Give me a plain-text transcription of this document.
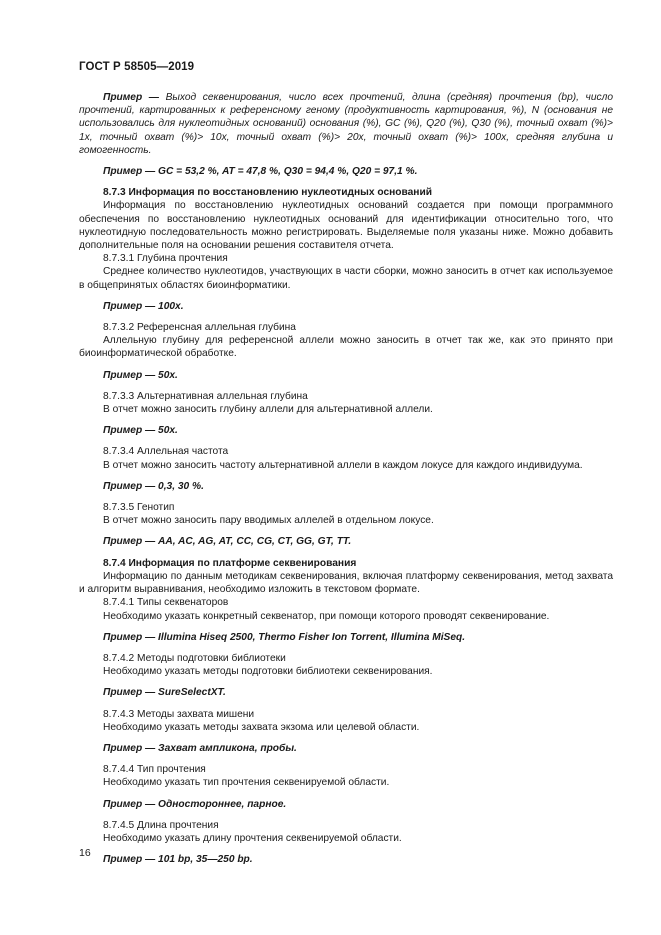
ГОСТ Р 58505—2019

Пример — Выход секвенирования, число всех прочтений, длина (средняя) прочтения (bp), число прочтений, картированных к референсному геному (продуктивность картирования, %), N (основания не использовались для нуклеотидных оснований) основания (%), GC (%), Q20 (%), Q30 (%), точный охват (%)> 1x, точный охват (%)> 10x, точный охват (%)> 20x, точный охват (%)> 100x, средняя глубина и гомогенность.

Пример — GC = 53,2 %, AT = 47,8 %, Q30 = 94,4 %, Q20 = 97,1 %.

8.7.3 Информация по восстановлению нуклеотидных оснований

Информация по восстановлению нуклеотидных оснований создается при помощи программного обеспечения по восстановлению нуклеотидных оснований для идентификации относительно того, что нуклеотидную последовательность можно регистрировать. Выделяемые поля указаны ниже. Можно добавить дополнительные поля на основании решения составителя отчета.

8.7.3.1 Глубина прочтения

Среднее количество нуклеотидов, участвующих в части сборки, можно заносить в отчет как используемое в общепринятых областях биоинформатики.

Пример — 100x.

8.7.3.2 Референсная аллельная глубина

Аллельную глубину для референсной аллели можно заносить в отчет так же, как это принято при биоинформатической обработке.

Пример — 50x.

8.7.3.3 Альтернативная аллельная глубина

В отчет можно заносить глубину аллели для альтернативной аллели.

Пример — 50x.

8.7.3.4 Аллельная частота

В отчет можно заносить частоту альтернативной аллели в каждом локусе для каждого индивидуума.

Пример — 0,3, 30 %.

8.7.3.5 Генотип

В отчет можно заносить пару вводимых аллелей в отдельном локусе.

Пример — AA, AC, AG, AT, CC, CG, CT, GG, GT, TT.

8.7.4 Информация по платформе секвенирования

Информацию по данным методикам секвенирования, включая платформу секвенирования, метод захвата и алгоритм выравнивания, необходимо изложить в текстовом формате.

8.7.4.1 Типы секвенаторов

Необходимо указать конкретный секвенатор, при помощи которого проводят секвенирование.

Пример — Illumina Hiseq 2500, Thermo Fisher Ion Torrent, Illumina MiSeq.

8.7.4.2 Методы подготовки библиотеки

Необходимо указать методы подготовки библиотеки секвенирования.

Пример — SureSelectXT.

8.7.4.3 Методы захвата мишени

Необходимо указать методы захвата экзома или целевой области.

Пример — Захват ампликона, пробы.

8.7.4.4 Тип прочтения

Необходимо указать тип прочтения секвенируемой области.

Пример — Одностороннее, парное.

8.7.4.5 Длина прочтения

Необходимо указать длину прочтения секвенируемой области.

Пример — 101 bp, 35—250 bp.

16
